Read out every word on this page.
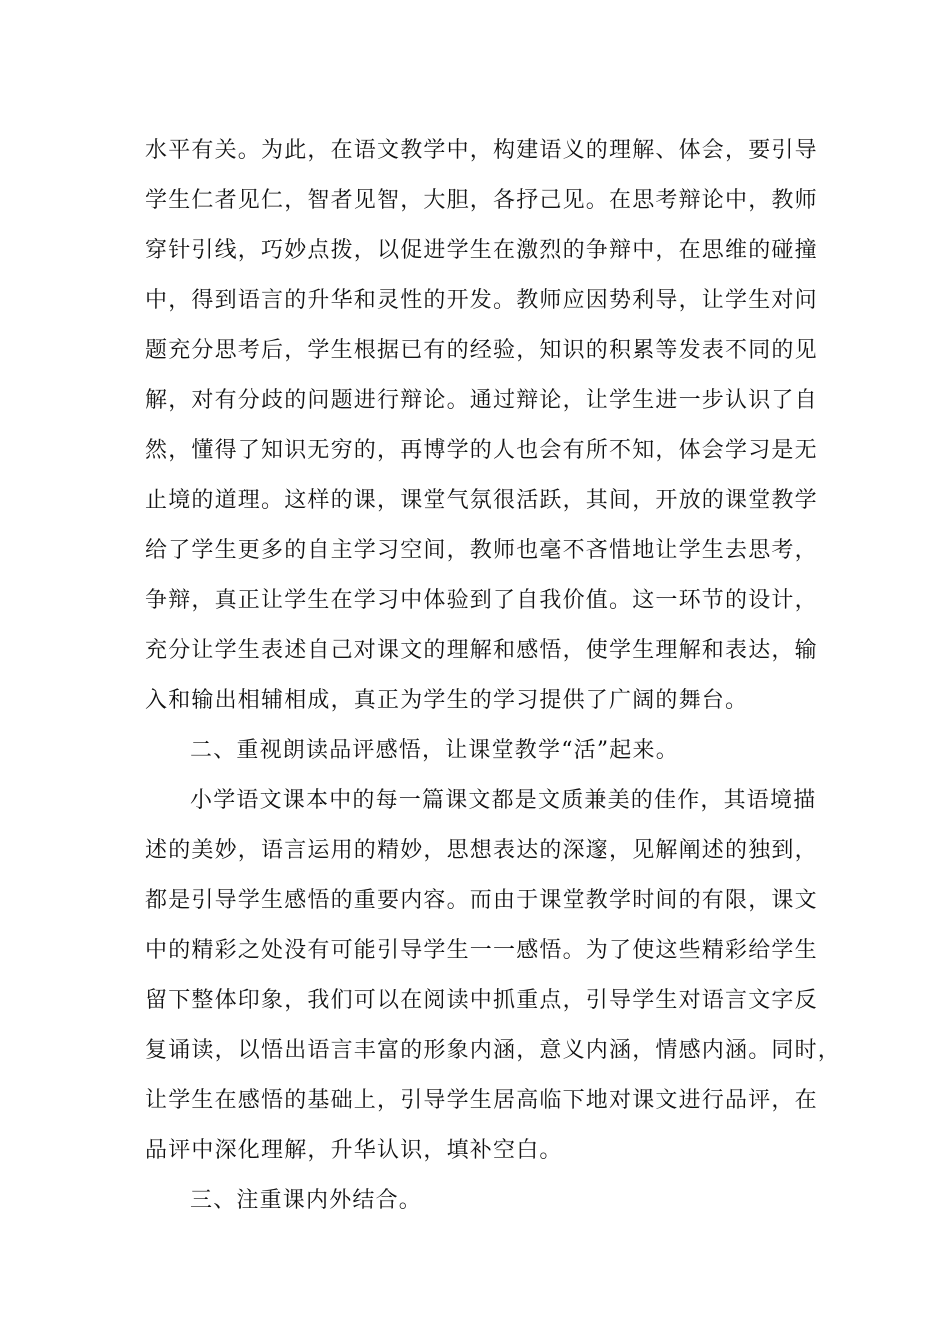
水平有关。为此，在语文教学中，构建语义的理解、体会，要引导
学生仁者见仁，智者见智，大胆，各抒己见。在思考辩论中，教师
穿针引线，巧妙点拨，以促进学生在激烈的争辩中，在思维的碰撞
中，得到语言的升华和灵性的开发。教师应因势利导，让学生对问
题充分思考后，学生根据已有的经验，知识的积累等发表不同的见
解，对有分歧的问题进行辩论。通过辩论，让学生进一步认识了自
然，懂得了知识无穷的，再博学的人也会有所不知，体会学习是无
止境的道理。这样的课，课堂气氛很活跃，其间，开放的课堂教学
给了学生更多的自主学习空间，教师也毫不吝惜地让学生去思考，
争辩，真正让学生在学习中体验到了自我价值。这一环节的设计，
充分让学生表述自己对课文的理解和感悟，使学生理解和表达，输
入和输出相辅相成，真正为学生的学习提供了广阔的舞台。
二、重视朗读品评感悟，让课堂教学“活”起来。
小学语文课本中的每一篇课文都是文质兼美的佳作，其语境描
述的美妙，语言运用的精妙，思想表达的深邃，见解阐述的独到，
都是引导学生感悟的重要内容。而由于课堂教学时间的有限，课文
中的精彩之处没有可能引导学生一一感悟。为了使这些精彩给学生
留下整体印象，我们可以在阅读中抓重点，引导学生对语言文字反
复诵读，以悟出语言丰富的形象内涵，意义内涵，情感内涵。同时，
让学生在感悟的基础上，引导学生居高临下地对课文进行品评，在
品评中深化理解，升华认识，填补空白。
三、注重课内外结合。
